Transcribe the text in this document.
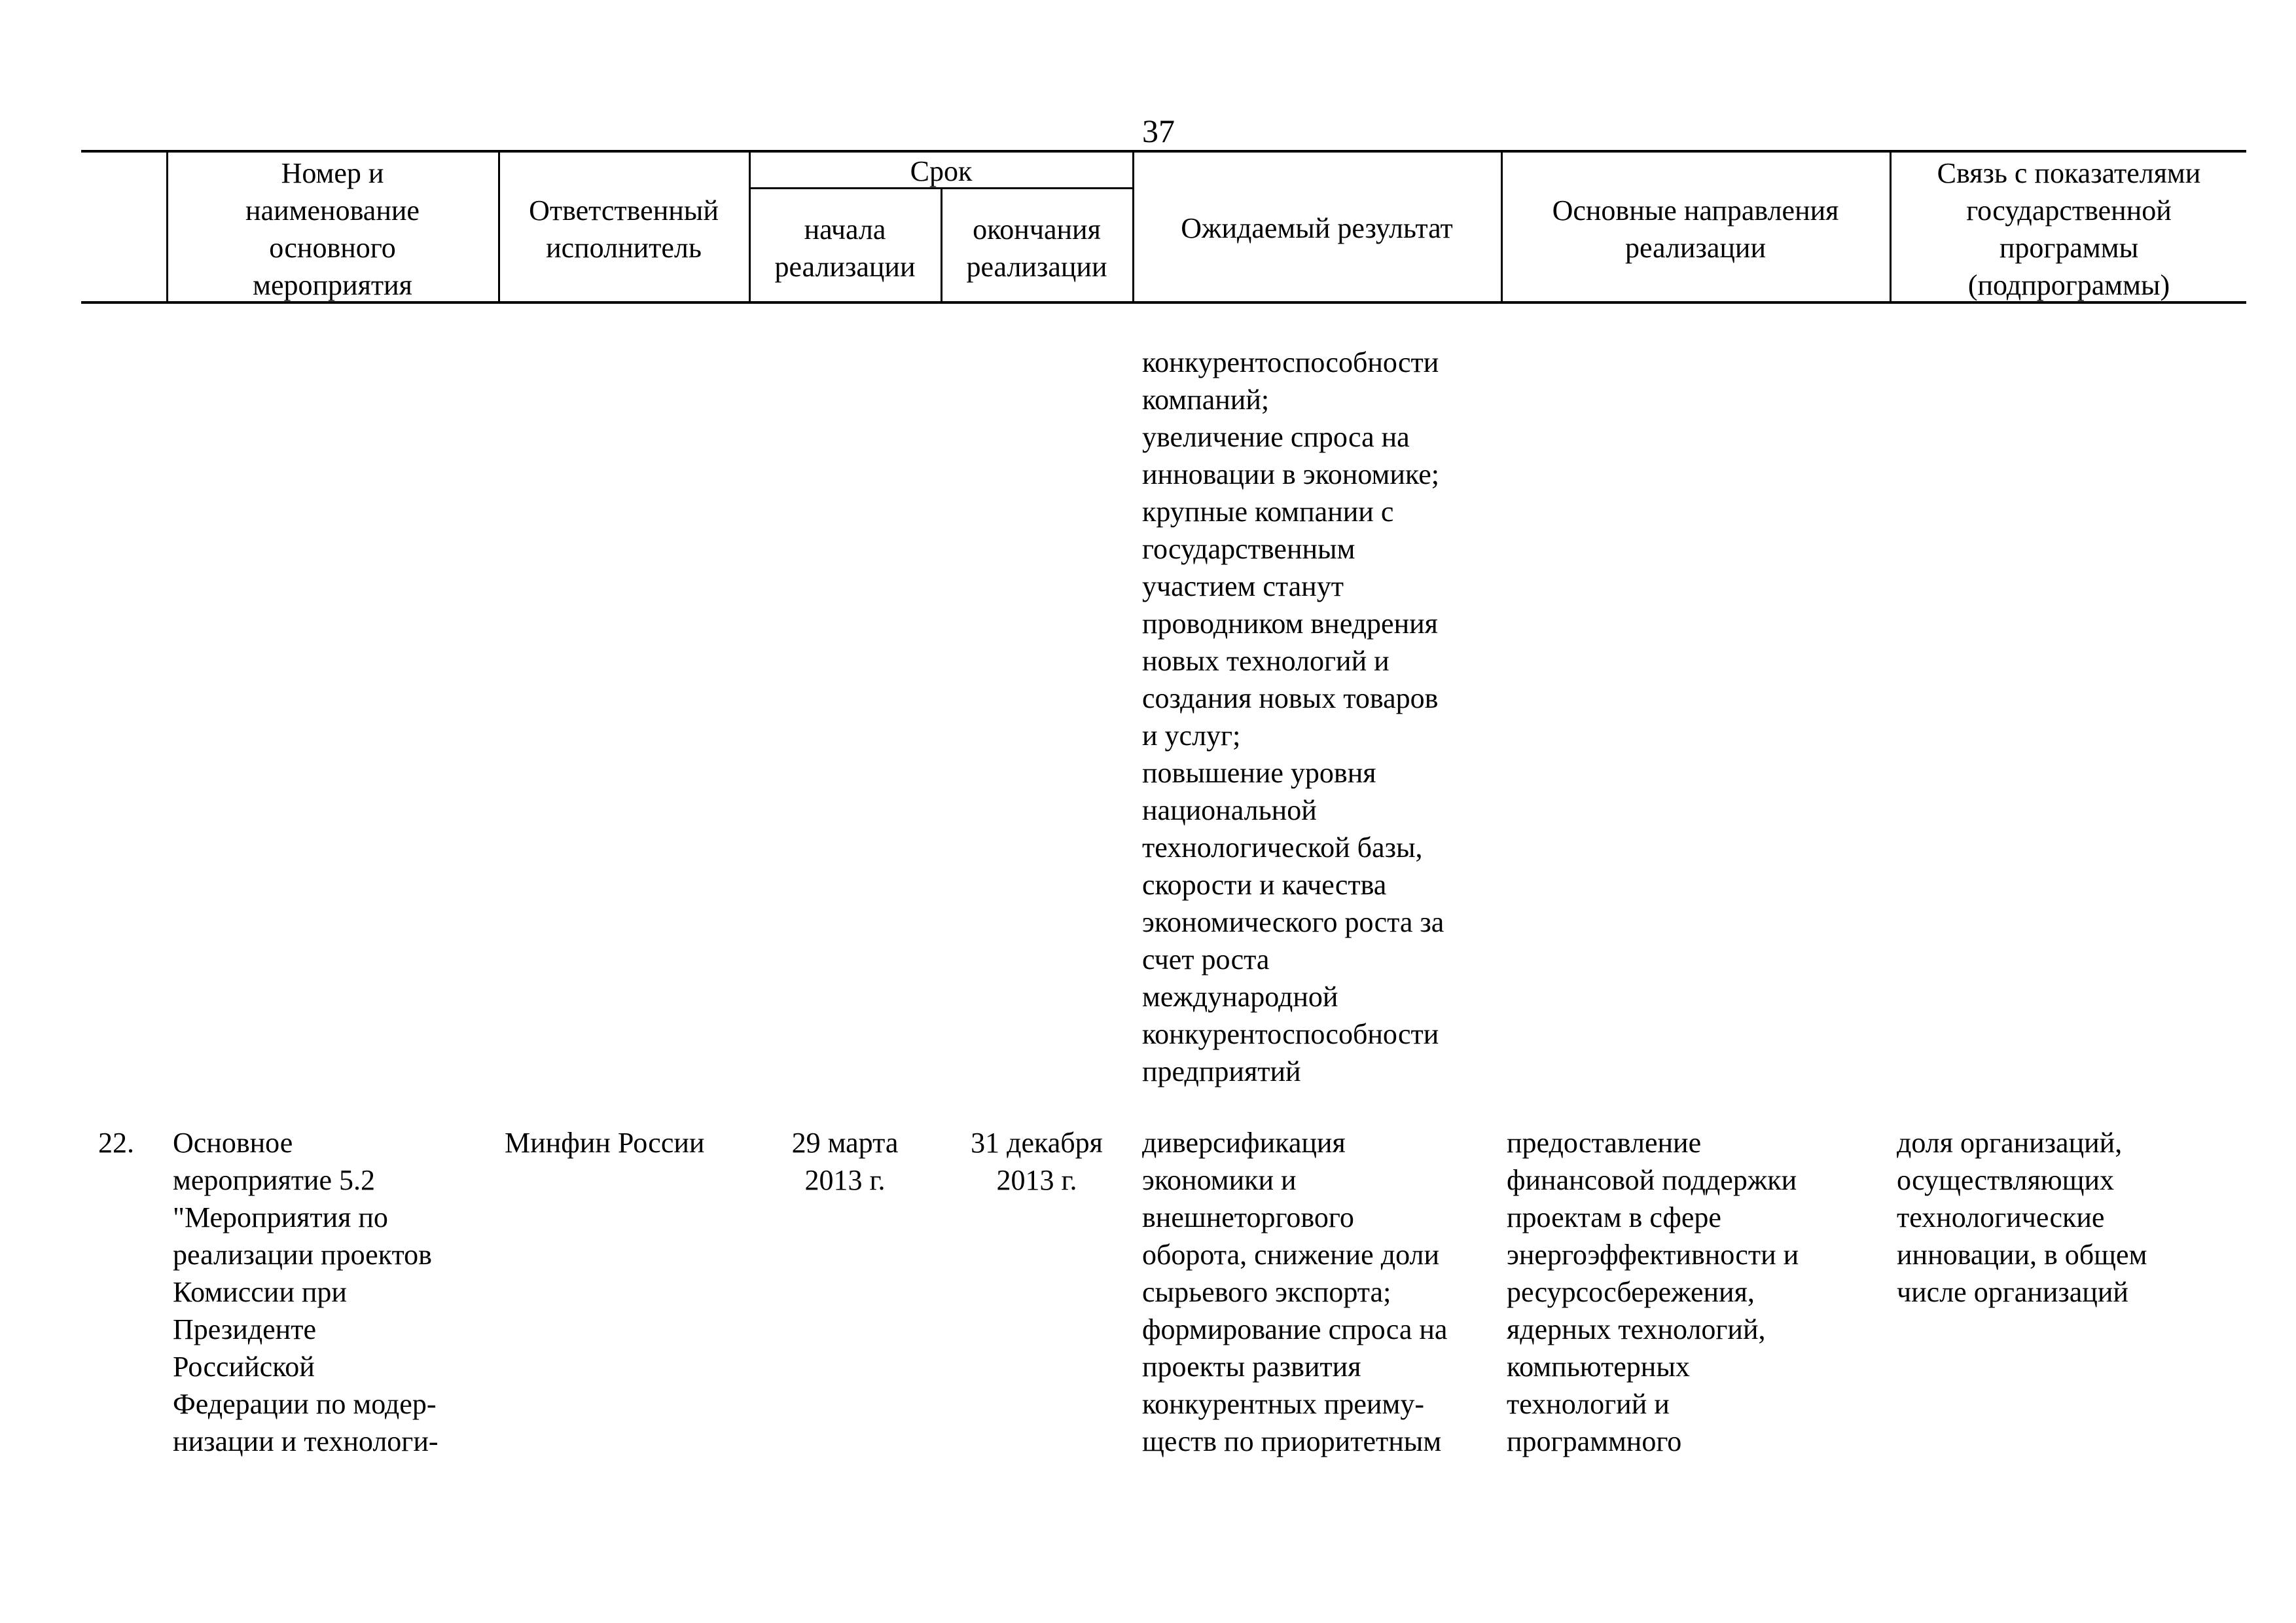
37
Номер и
наименование
основного
мероприятия
Ответственный
исполнитель
Срок
начала
реализации
окончания
реализации
Ожидаемый результат
Основные направления
реализации
Связь с показателями
государственной
программы
(подпрограммы)
конкурентоспособности
компаний;
увеличение спроса на
инновации в экономике;
крупные компании с
государственным
участием станут
проводником внедрения
новых технологий и
создания новых товаров
и услуг;
повышение уровня
национальной
технологической базы,
скорости и качества
экономического роста за
счет роста
международной
конкурентоспособности
предприятий
22.	Основное
мероприятие 5.2
"Мероприятия по
реализации проектов
Комиссии при
Президенте
Российской
Федерации по модер-
низации и технологи-
Минфин России	29 марта
2013 г.
31 декабря
2013 г.
диверсификация
экономики и
внешнеторгового
оборота, снижение доли
сырьевого экспорта;
формирование спроса на
проекты развития
конкурентных преиму-
ществ по приоритетным
предоставление
финансовой поддержки
проектам в сфере
энергоэффективности и
ресурсосбережения,
ядерных технологий,
компьютерных
технологий и
программного
доля организаций,
осуществляющих
технологические
инновации, в общем
числе организаций
